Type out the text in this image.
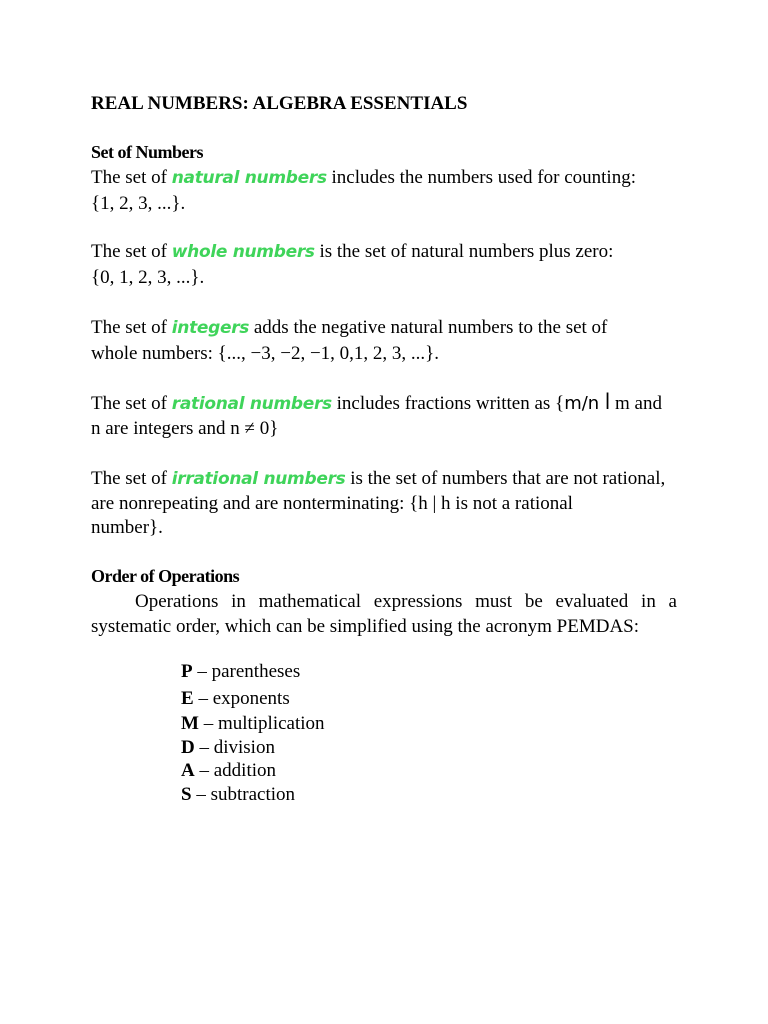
REAL NUMBERS: ALGEBRA ESSENTIALS
Set of Numbers
The set of natural numbers includes the numbers used for counting:
{1, 2, 3, ...}.
The set of whole numbers is the set of natural numbers plus zero:
{0, 1, 2, 3, ...}.
The set of integers adds the negative natural numbers to the set of
whole numbers: {..., −3, −2, −1, 0,1, 2, 3, ...}.
The set of rational numbers includes fractions written as {m/n ꟾ m and
n are integers and n ≠ 0}
The set of irrational numbers is the set of numbers that are not rational,
are nonrepeating and are nonterminating: {h | h is not a rational
number}.
Order of Operations
Operations in mathematical expressions must be evaluated in a systematic order, which can be simplified using the acronym PEMDAS:
P – parentheses
E – exponents
M – multiplication
D – division
A – addition
S – subtraction
